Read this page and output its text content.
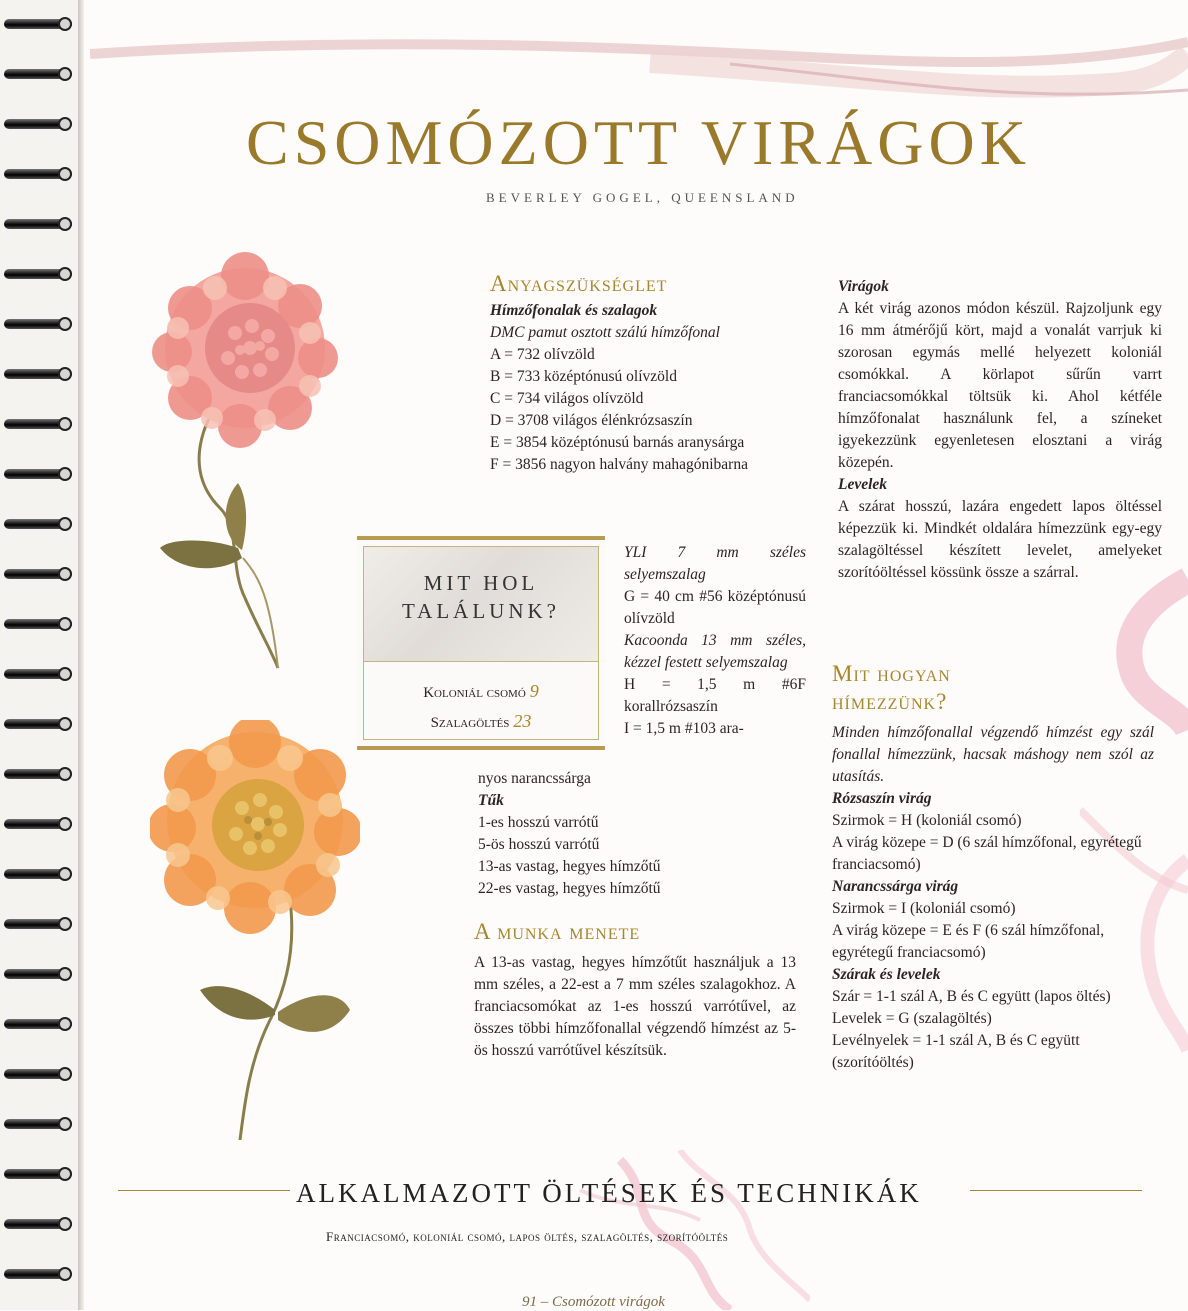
CSOMÓZOTT VIRÁGOK
BEVERLEY GOGEL, QUEENSLAND
Anyagszükséglet

Hímzőfonalak és szalagok

DMC pamut osztott szálú hímzőfonal

A = 732 olívzöld

B = 733 középtónusú olívzöld

C = 734 világos olívzöld

D = 3708 világos élénkrózsaszín

E = 3854 középtónusú barnás aranysárga

F = 3856 nagyon halvány mahagónibarna

YLI 7 mm széles selyemszalag

G = 40 cm #56 középtónusú olívzöld

Kacoonda 13 mm széles, kézzel festett selyemszalag

H = 1,5 m #6F korallrózsaszín

I = 1,5 m #103 ara-

nyos narancssárga

Tűk

1-es hosszú varrótű

5-ös hosszú varrótű

13-as vastag, hegyes hímzőtű

22-es vastag, hegyes hímzőtű

A munka menete

A 13-as vastag, hegyes hímzőtűt használjuk a 13 mm széles, a 22-est a 7 mm széles szalagokhoz. A franciacsomókat az 1-es hosszú varrótűvel, az összes többi hímzőfonallal végzendő hímzést az 5-ös hosszú varrótűvel készítsük.

MIT HOL
TALÁLUNK?
Koloniál csomó 9
Szalagöltés 23

Virágok

A két virág azonos módon készül. Rajzoljunk egy 16 mm átmérőjű kört, majd a vonalát varrjuk ki szorosan egymás mellé helyezett koloniál csomókkal. A körlapot sűrűn varrt franciacsomókkal töltsük ki. Ahol kétféle hímzőfonalat használunk fel, a színeket igyekezzünk egyenletesen elosztani a virág közepén.

Levelek

A szárat hosszú, lazára engedett lapos öltéssel képezzük ki. Mindkét oldalára hímezzünk egy-egy szalagöltéssel készített levelet, amelyeket szorítóöltéssel kössünk össze a szárral.

Mit hogyan
hímezzünk?

Minden hímzőfonallal végzendő hímzést egy szál fonallal hímezzünk, hacsak máshogy nem szól az utasítás.

Rózsaszín virág

Szirmok = H (koloniál csomó)

A virág közepe = D (6 szál hímzőfonal, egyrétegű franciacsomó)

Narancssárga virág

Szirmok = I (koloniál csomó)

A virág közepe = E és F (6 szál hímzőfonal, egyrétegű franciacsomó)

Szárak és levelek

Szár = 1-1 szál A, B és C együtt (lapos öltés)

Levelek = G (szalagöltés)

Levélnyelek = 1-1 szál A, B és C együtt (szorítóöltés)

ALKALMAZOTT ÖLTÉSEK ÉS TECHNIKÁK
Franciacsomó, koloniál csomó, lapos öltés, szalagöltés, szorítóöltés
91 – Csomózott virágok
